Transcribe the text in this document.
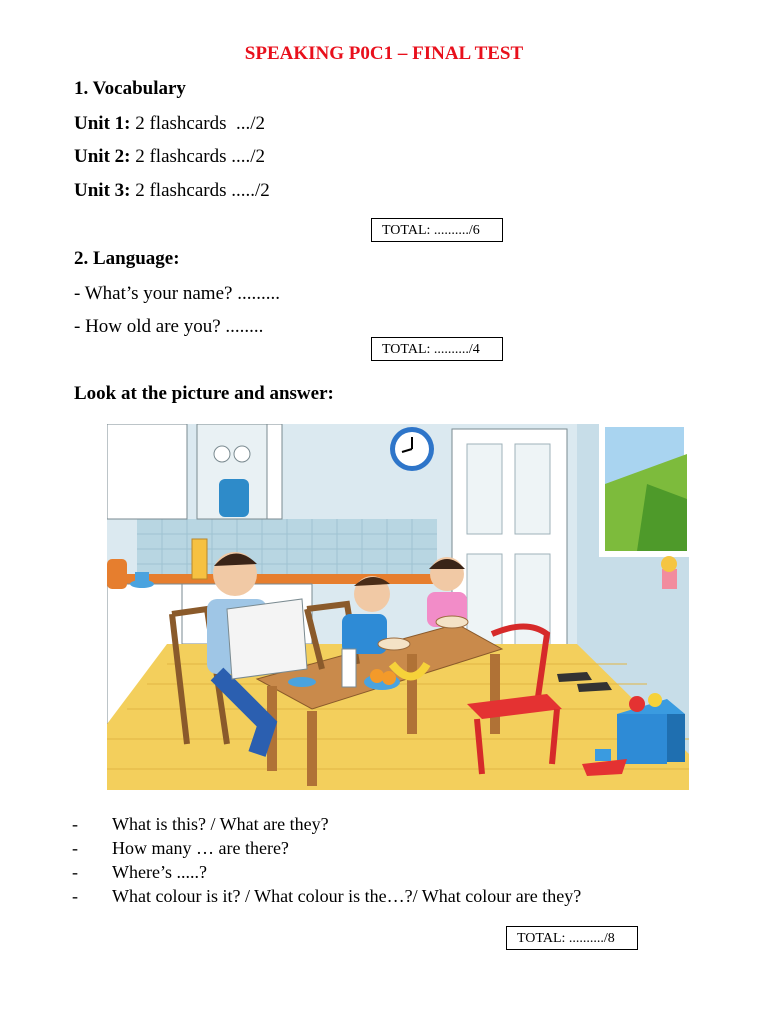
SPEAKING P0C1 – FINAL TEST
1. Vocabulary
Unit 1: 2 flashcards  .../2
Unit 2: 2 flashcards ..../2
Unit 3: 2 flashcards ...../2
TOTAL: ........../6
2. Language:
- What’s your name? .........
- How old are you? ........
TOTAL: ........../4
Look at the picture and answer:
- What is this? / What are they?
- How many … are there?
- Where’s .....?
- What colour is it? / What colour is the…?/ What colour are they?
TOTAL: ........../8
